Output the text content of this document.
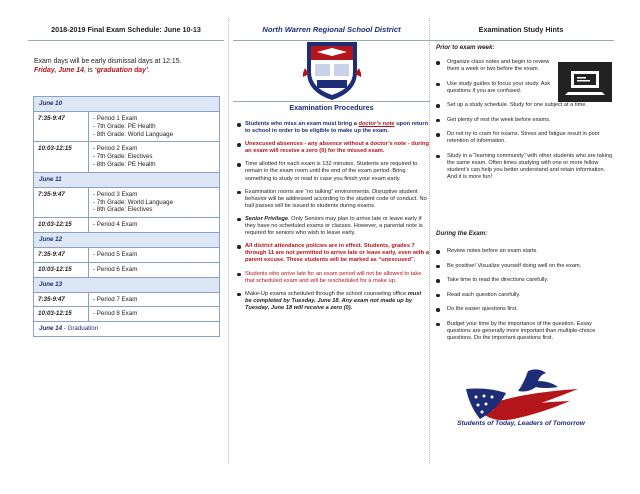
2018-2019 Final Exam Schedule: June 10-13
Exam days will be early dismissal days at 12:15.
Friday, June 14, is ‘graduation day’.
June 10	
7:35-9:47	- Period 1 Exam
- 7th Grade: PE Health
- 8th Grade: World Language

10:03-12:15	- Period 2 Exam
- 7th Grade: Electives
- 8th Grade: PE Health

June 11	
7:35-9:47	- Period 3 Exam
- 7th Grade: World Language
- 8th Grade: Electives

10:03-12:15	- Period 4 Exam

June 12	
7:35-9:47	- Period 5 Exam

10:03-12:15	- Period 6 Exam

June 13	
7:35-9:47	- Period 7 Exam

10:03-12:15	- Period 8 Exam

June 14 - Graduation	
North Warren Regional School District
Examination Procedures
Students who miss an exam must bring a doctor’s note upon return to school in order to be eligible to make up the exam.
Unexcused absences - any absence without a doctor’s note - during an exam will receive a zero (0) for the missed exam.
Time allotted for each exam is 132 minutes. Students are required to remain in the exam room until the end of the exam period. Bring something to study or read in case you finish your exam early.
Examination rooms are “no talking” environments. Disruptive student behavior will be addressed according to the student code of conduct. No hall passes will be issued to students during exams.
Senior Privilege. Only Seniors may plan to arrive late or leave early if they have no scheduled exams or classes. However, a parental note is required for seniors who wish to leave early.
All district attendance policies are in effect. Students, grades 7 through 11 are not permitted to arrive late or leave early, even with a parent excuse. These students will be marked as “unexcused”.
Students who arrive late for an exam period will not be allowed to take that scheduled exam and will be rescheduled for a make up.
Make-Up exams scheduled through the school counseling office must be completed by Tuesday, June 18. Any exam not made up by Tuesday, June 18 will receive a zero (0).
Examination Study Hints
Prior to exam week:
Organize class notes and begin to review them a week or two before the exam.
Use study guides to focus your study. Ask questions if you are confused.
Set up a study schedule. Study for one subject at a time.
Get plenty of rest the week before exams.
Do not try to cram for exams. Stress and fatigue result in poor retention of information.
Study in a “learning community” with other students who are taking the same exam. Often times studying with one or more fellow student’s can help you better understand and retain information. And it is more fun!
During the Exam:
Review notes before an exam starts.
Be positive! Visualize yourself doing well on the exam.
Take time to read the directions carefully.
Read each question carefully.
Do the easier questions first.
Budget your time by the importance of the question. Essay questions are generally more important than multiple-choice questions. Do the important questions first.
Students of Today, Leaders of Tomorrow
